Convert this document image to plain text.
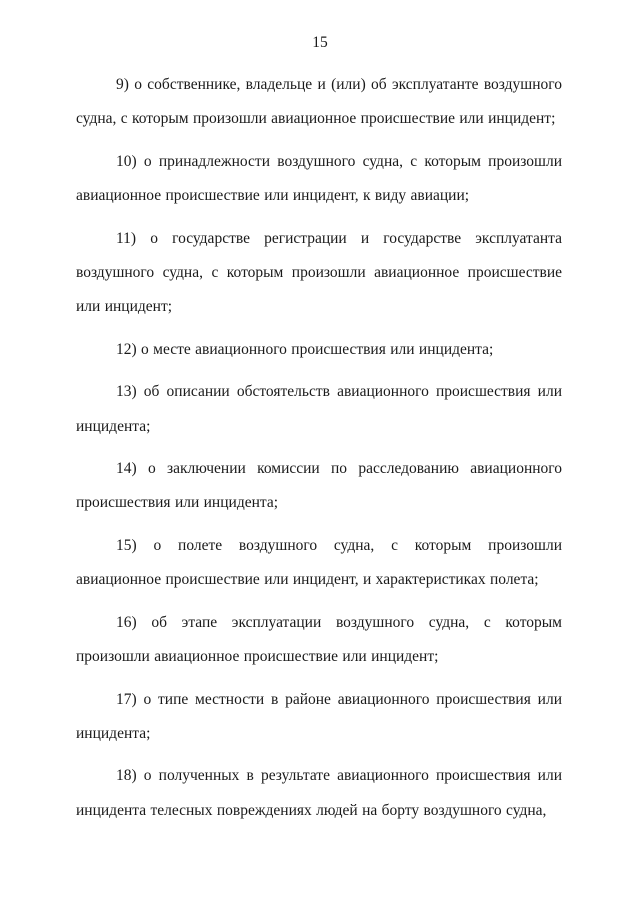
15

9) о собственнике, владельце и (или) об эксплуатанте воздушного судна, с которым произошли авиационное происшествие или инцидент;

10) о принадлежности воздушного судна, с которым произошли авиационное происшествие или инцидент, к виду авиации;

11) о государстве регистрации и государстве эксплуатанта воздушного судна, с которым произошли авиационное происшествие или инцидент;

12) о месте авиационного происшествия или инцидента;

13) об описании обстоятельств авиационного происшествия или инцидента;

14) о заключении комиссии по расследованию авиационного происшествия или инцидента;

15) о полете воздушного судна, с которым произошли авиационное происшествие или инцидент, и характеристиках полета;

16) об этапе эксплуатации воздушного судна, с которым произошли авиационное происшествие или инцидент;

17) о типе местности в районе авиационного происшествия или инцидента;

18) о полученных в результате авиационного происшествия или инцидента телесных повреждениях людей на борту воздушного судна,
